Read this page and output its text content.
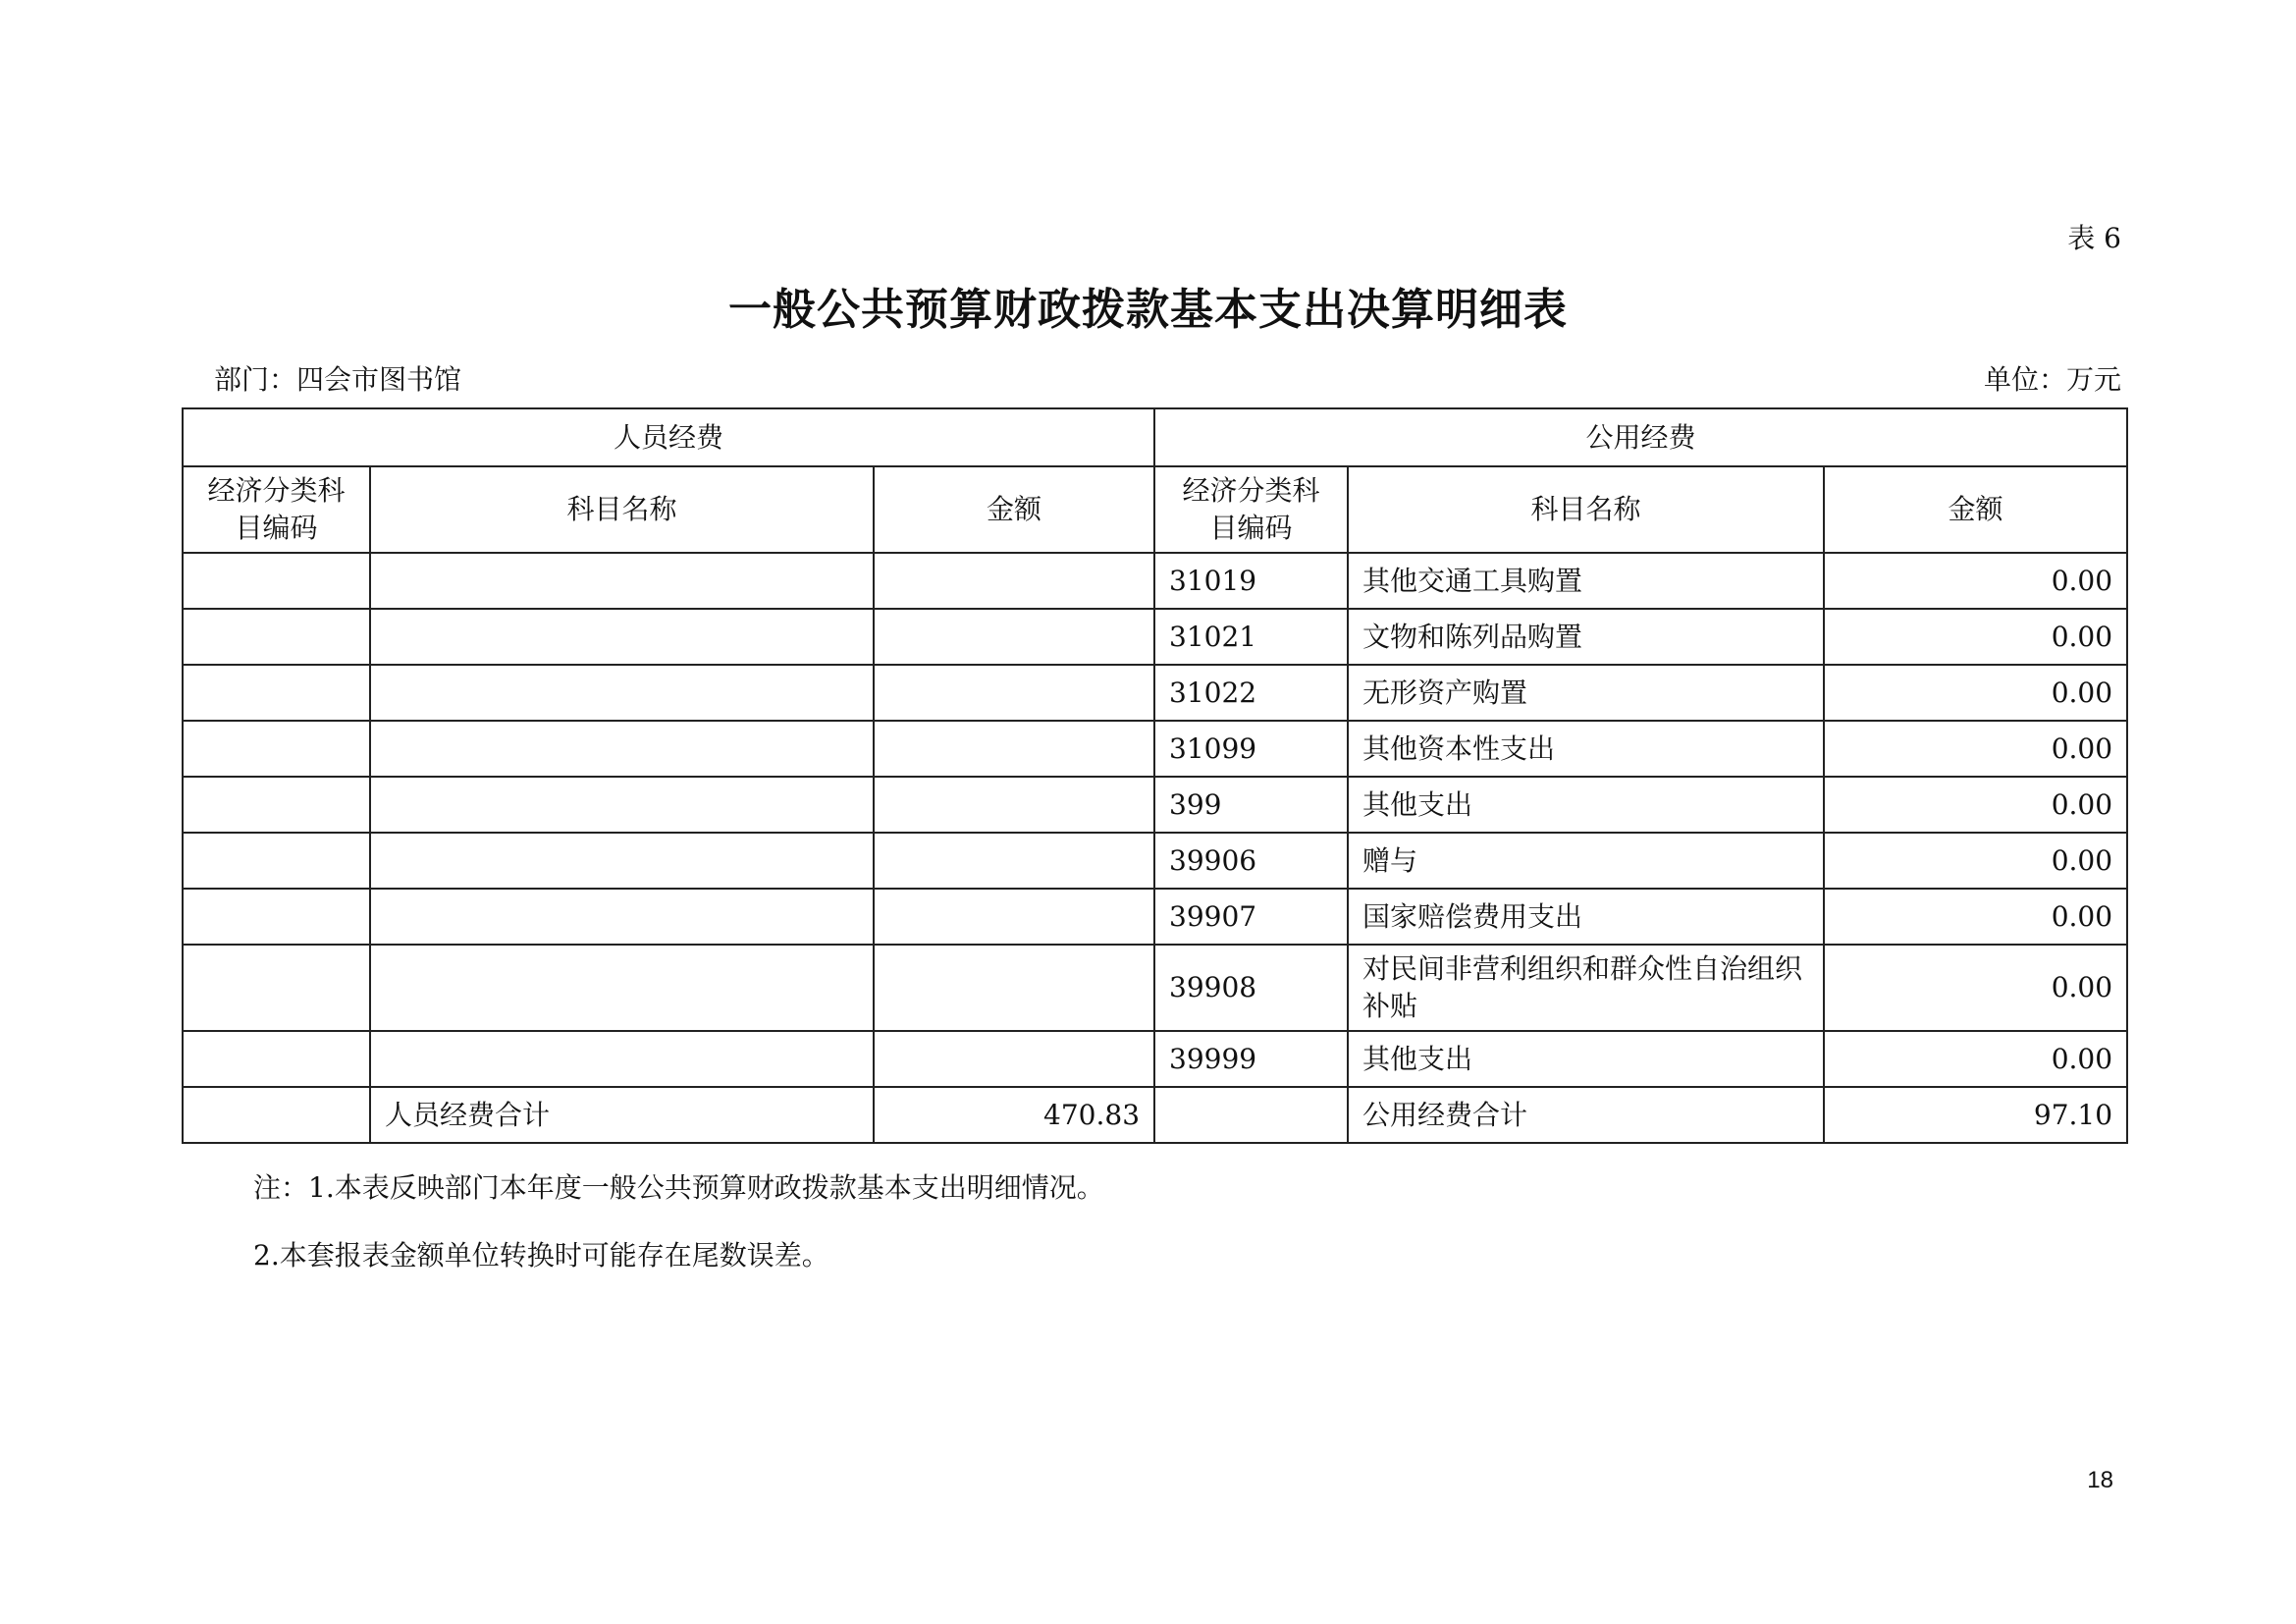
表 6
一般公共预算财政拨款基本支出决算明细表
部门：四会市图书馆	单位：万元
人员经费			公用经费		
经济分类科目编码	科目名称	金额	经济分类科目编码	科目名称	金额
			31019	其他交通工具购置	0.00
			31021	文物和陈列品购置	0.00
			31022	无形资产购置	0.00
			31099	其他资本性支出	0.00
			399	其他支出	0.00
			39906	赠与	0.00
			39907	国家赔偿费用支出	0.00
			39908	对民间非营利组织和群众性自治组织补贴	0.00
			39999	其他支出	0.00
	人员经费合计	470.83		公用经费合计	97.10
注：1.本表反映部门本年度一般公共预算财政拨款基本支出明细情况。
2.本套报表金额单位转换时可能存在尾数误差。
18
